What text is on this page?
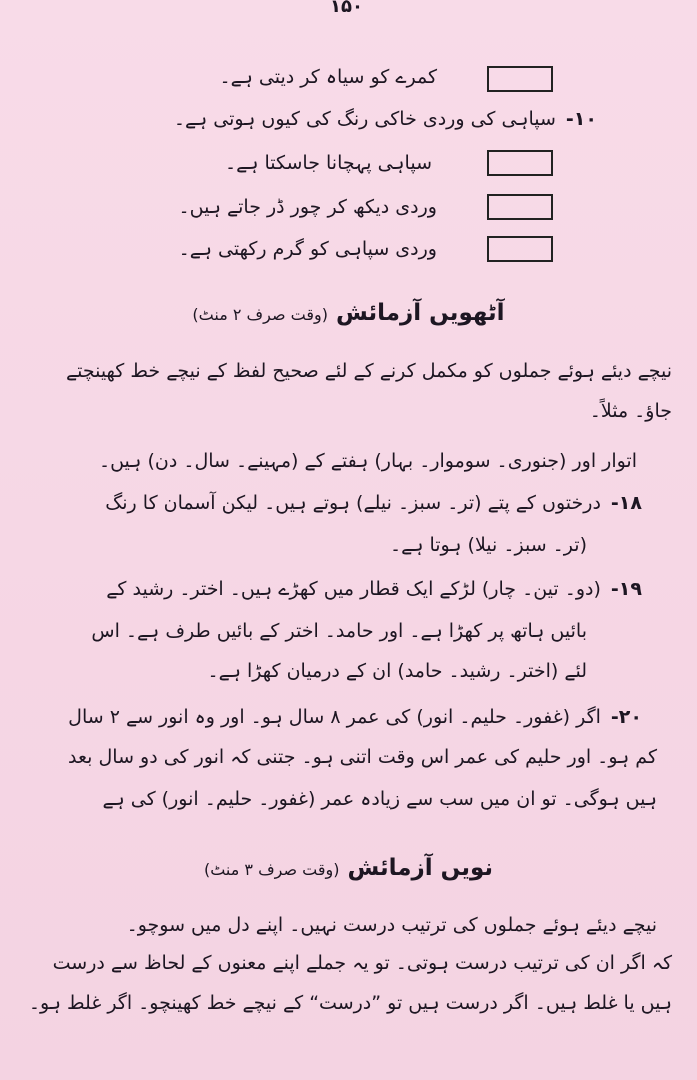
۱۵۰
کمرے کو سیاہ کر دیتی ہے۔
۱۰-سپاہی کی وردی خاکی رنگ کی کیوں ہوتی ہے۔
سپاہی پہچانا جاسکتا ہے۔
وردی دیکھ کر چور ڈر جاتے ہیں۔
وردی سپاہی کو گرم رکھتی ہے۔
آٹھویں آزمائش (وقت صرف ۲ منٹ)
نیچے دیئے ہوئے جملوں کو مکمل کرنے کے لئے صحیح لفظ کے نیچے خط کھینچتے
جاؤ۔ مثلاً۔
اتوار اور (جنوری۔ سوموار۔ بہار) ہفتے کے (مہینے۔ سال۔ دن) ہیں۔
۱۸-درختوں کے پتے (تر۔ سبز۔ نیلے) ہوتے ہیں۔ لیکن آسمان کا رنگ
(تر۔ سبز۔ نیلا) ہوتا ہے۔
۱۹-(دو۔ تین۔ چار) لڑکے ایک قطار میں کھڑے ہیں۔ اختر۔ رشید کے
بائیں ہاتھ پر کھڑا ہے۔ اور حامد۔ اختر کے بائیں طرف ہے۔ اس
لئے (اختر۔ رشید۔ حامد) ان کے درمیان کھڑا ہے۔
۲۰-اگر (غفور۔ حلیم۔ انور) کی عمر ۸ سال ہو۔ اور وہ انور سے ۲ سال
کم ہو۔ اور حلیم کی عمر اس وقت اتنی ہو۔ جتنی کہ انور کی دو سال بعد
ہیں ہوگی۔ تو ان میں سب سے زیادہ عمر (غفور۔ حلیم۔ انور) کی ہے
نویں آزمائش (وقت صرف ۳ منٹ)
نیچے دیئے ہوئے جملوں کی ترتیب درست نہیں۔ اپنے دل میں سوچو۔
کہ اگر ان کی ترتیب درست ہوتی۔ تو یہ جملے اپنے معنوں کے لحاظ سے درست
ہیں یا غلط ہیں۔ اگر درست ہیں تو ”درست“ کے نیچے خط کھینچو۔ اگر غلط ہو۔
